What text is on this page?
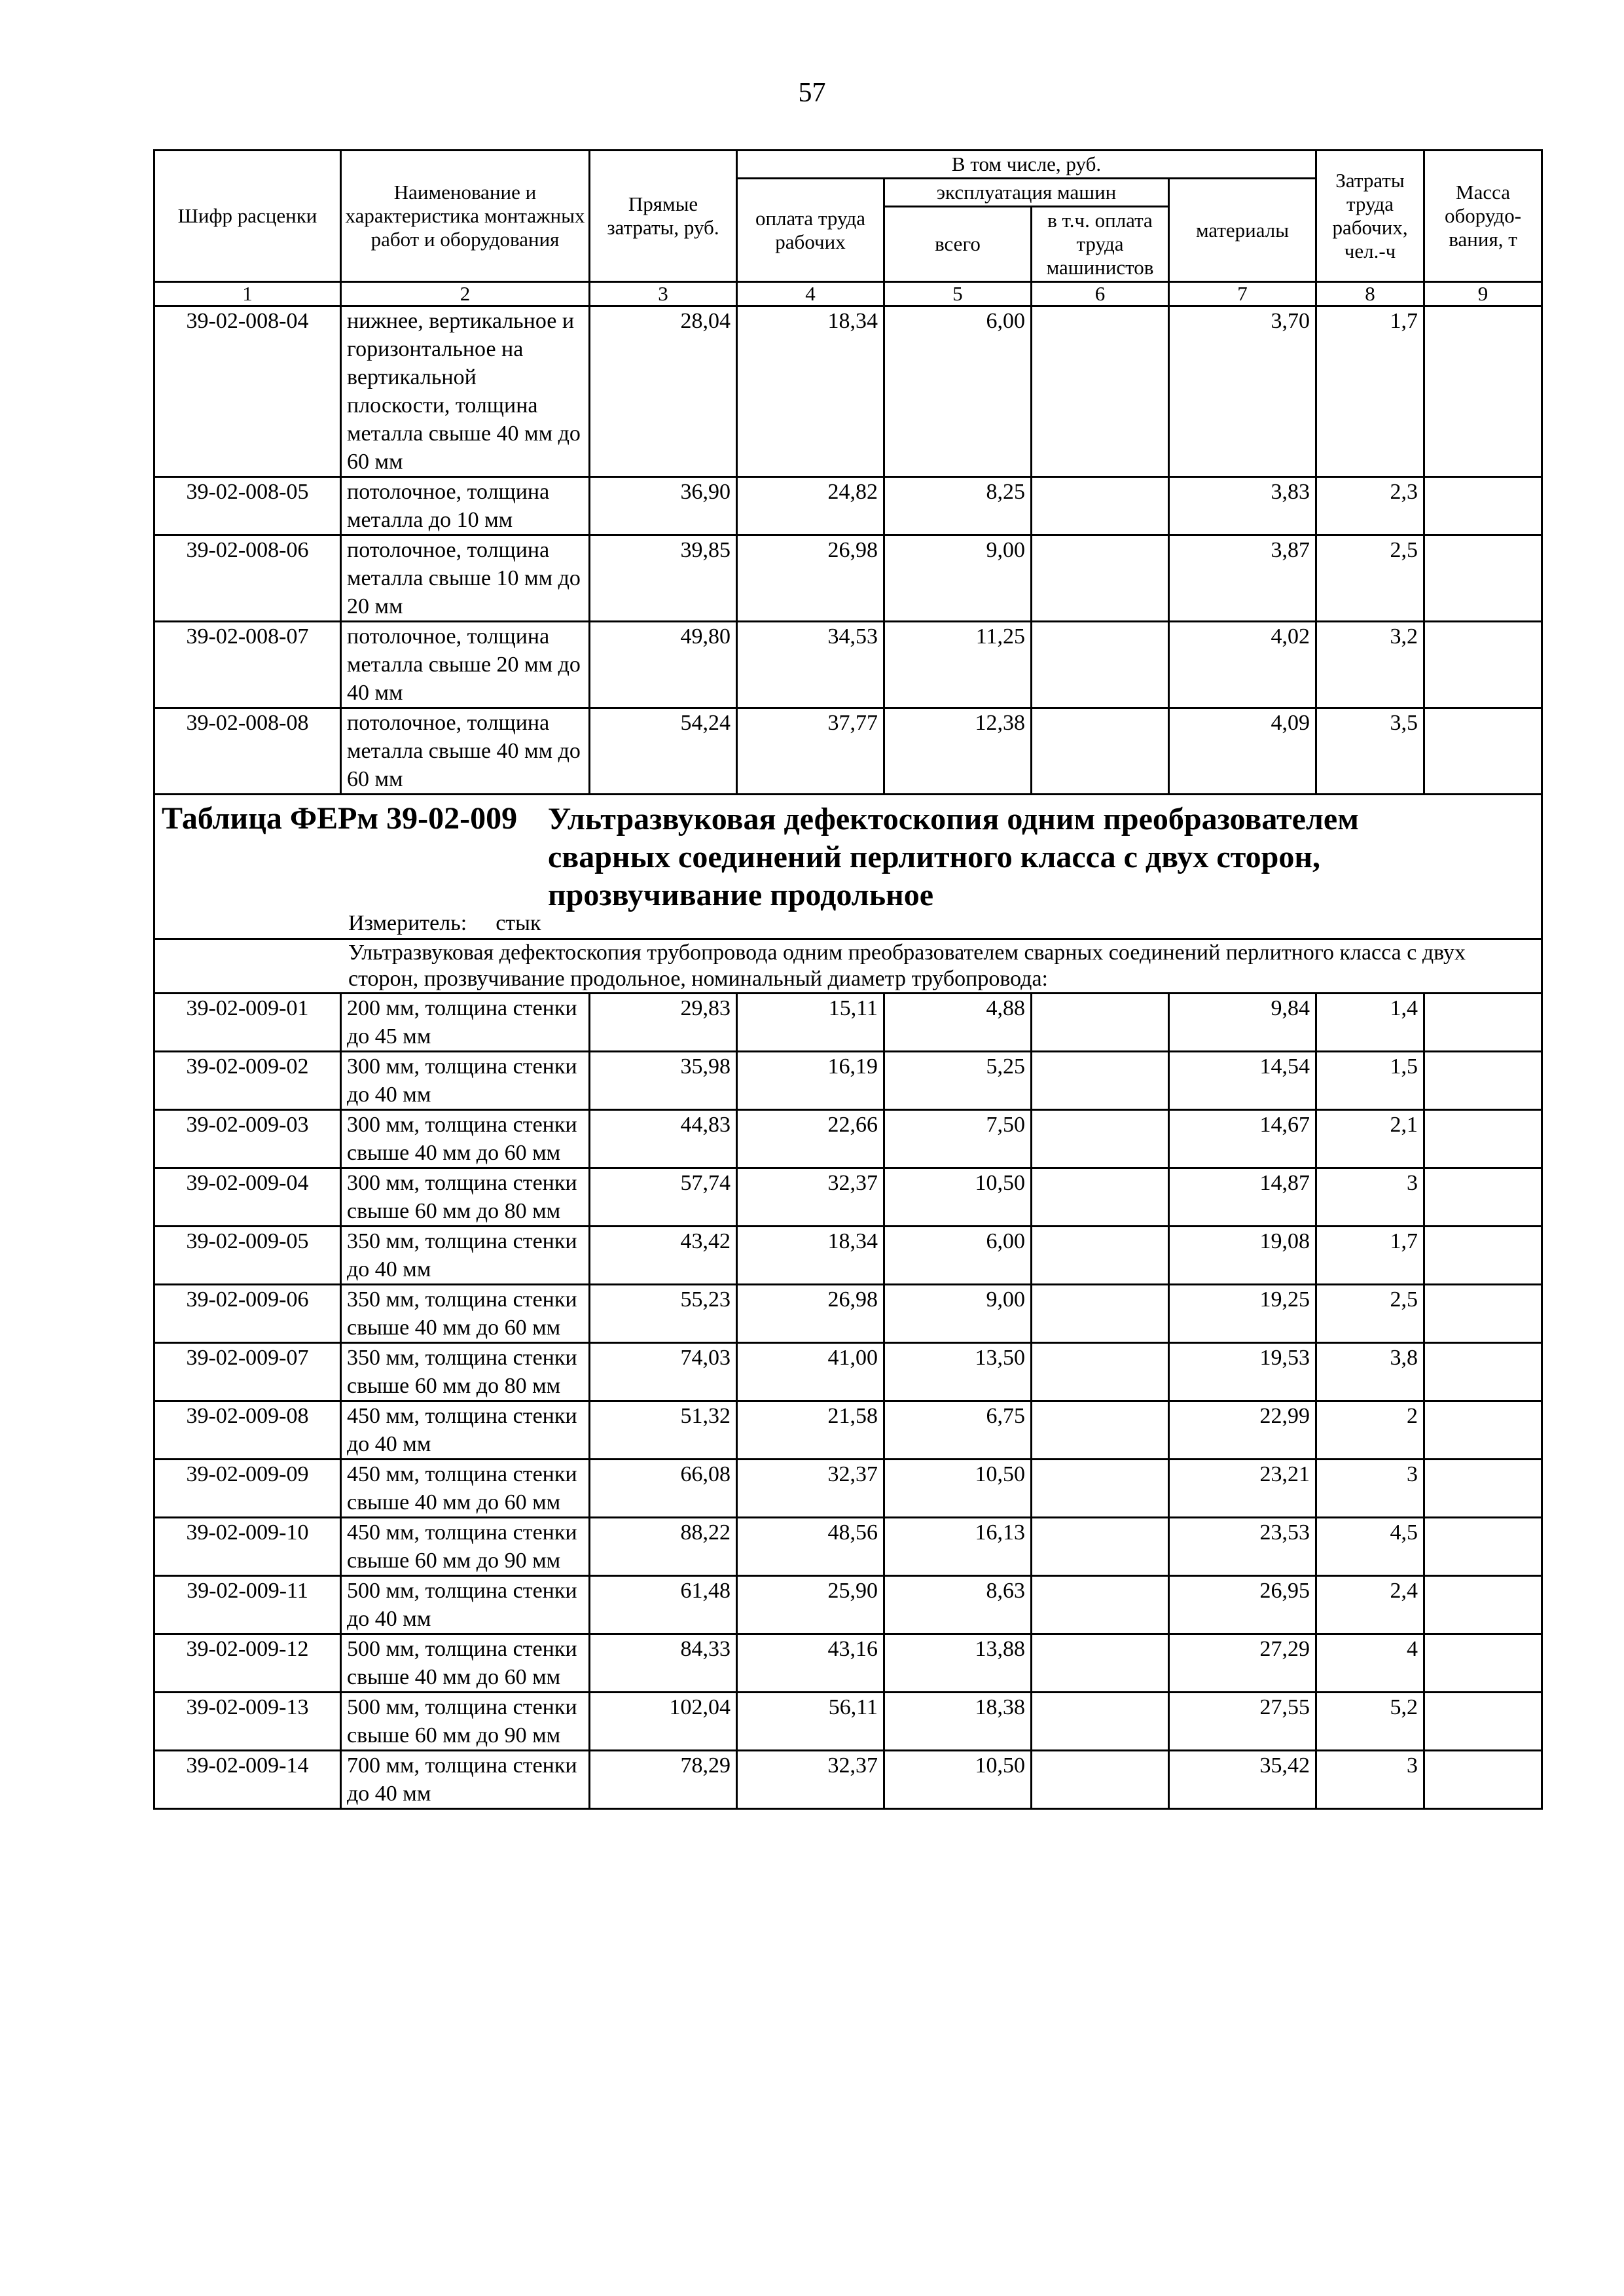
57
Шифр расценки	Наименование и характеристика монтажных работ и оборудования	Прямые затраты, руб.	В том числе, руб.				Затраты труда рабочих, чел.-ч	Масса оборудо-вания, т
			оплата труда рабочих	эксплуатация машин		материалы		
				всего	в т.ч. оплата труда машинистов			
1	2	3	4	5	6	7	8	9
39-02-008-04	нижнее, вертикальное и горизонтальное на вертикальной плоскости, толщина металла свыше 40 мм до 60 мм	28,04	18,34	6,00		3,70	1,7	
39-02-008-05	потолочное, толщина металла до 10 мм	36,90	24,82	8,25		3,83	2,3	
39-02-008-06	потолочное, толщина металла свыше 10 мм до 20 мм	39,85	26,98	9,00		3,87	2,5	
39-02-008-07	потолочное, толщина металла свыше 20 мм до 40 мм	49,80	34,53	11,25		4,02	3,2	
39-02-008-08	потолочное, толщина металла свыше 40 мм до 60 мм	54,24	37,77	12,38		4,09	3,5	

Таблица ФЕРм 39-02-009 Ультразвуковая дефектоскопия одним преобразователем сварных соединений перлитного класса с двух сторон, прозвучивание продольное
Измеритель: стык								

Ультразвуковая дефектоскопия трубопровода одним преобразователем сварных соединений перлитного класса с двух сторон, прозвучивание продольное, номинальный диаметр трубопровода:								
39-02-009-01	200 мм, толщина стенки до 45 мм	29,83	15,11	4,88		9,84	1,4	
39-02-009-02	300 мм, толщина стенки до 40 мм	35,98	16,19	5,25		14,54	1,5	
39-02-009-03	300 мм, толщина стенки свыше 40 мм до 60 мм	44,83	22,66	7,50		14,67	2,1	
39-02-009-04	300 мм, толщина стенки свыше 60 мм до 80 мм	57,74	32,37	10,50		14,87	3	
39-02-009-05	350 мм, толщина стенки до 40 мм	43,42	18,34	6,00		19,08	1,7	
39-02-009-06	350 мм, толщина стенки свыше 40 мм до 60 мм	55,23	26,98	9,00		19,25	2,5	
39-02-009-07	350 мм, толщина стенки свыше 60 мм до 80 мм	74,03	41,00	13,50		19,53	3,8	
39-02-009-08	450 мм, толщина стенки до 40 мм	51,32	21,58	6,75		22,99	2	
39-02-009-09	450 мм, толщина стенки свыше 40 мм до 60 мм	66,08	32,37	10,50		23,21	3	
39-02-009-10	450 мм, толщина стенки свыше 60 мм до 90 мм	88,22	48,56	16,13		23,53	4,5	
39-02-009-11	500 мм, толщина стенки до 40 мм	61,48	25,90	8,63		26,95	2,4	
39-02-009-12	500 мм, толщина стенки свыше 40 мм до 60 мм	84,33	43,16	13,88		27,29	4	
39-02-009-13	500 мм, толщина стенки свыше 60 мм до 90 мм	102,04	56,11	18,38		27,55	5,2	
39-02-009-14	700 мм, толщина стенки до 40 мм	78,29	32,37	10,50		35,42	3	
